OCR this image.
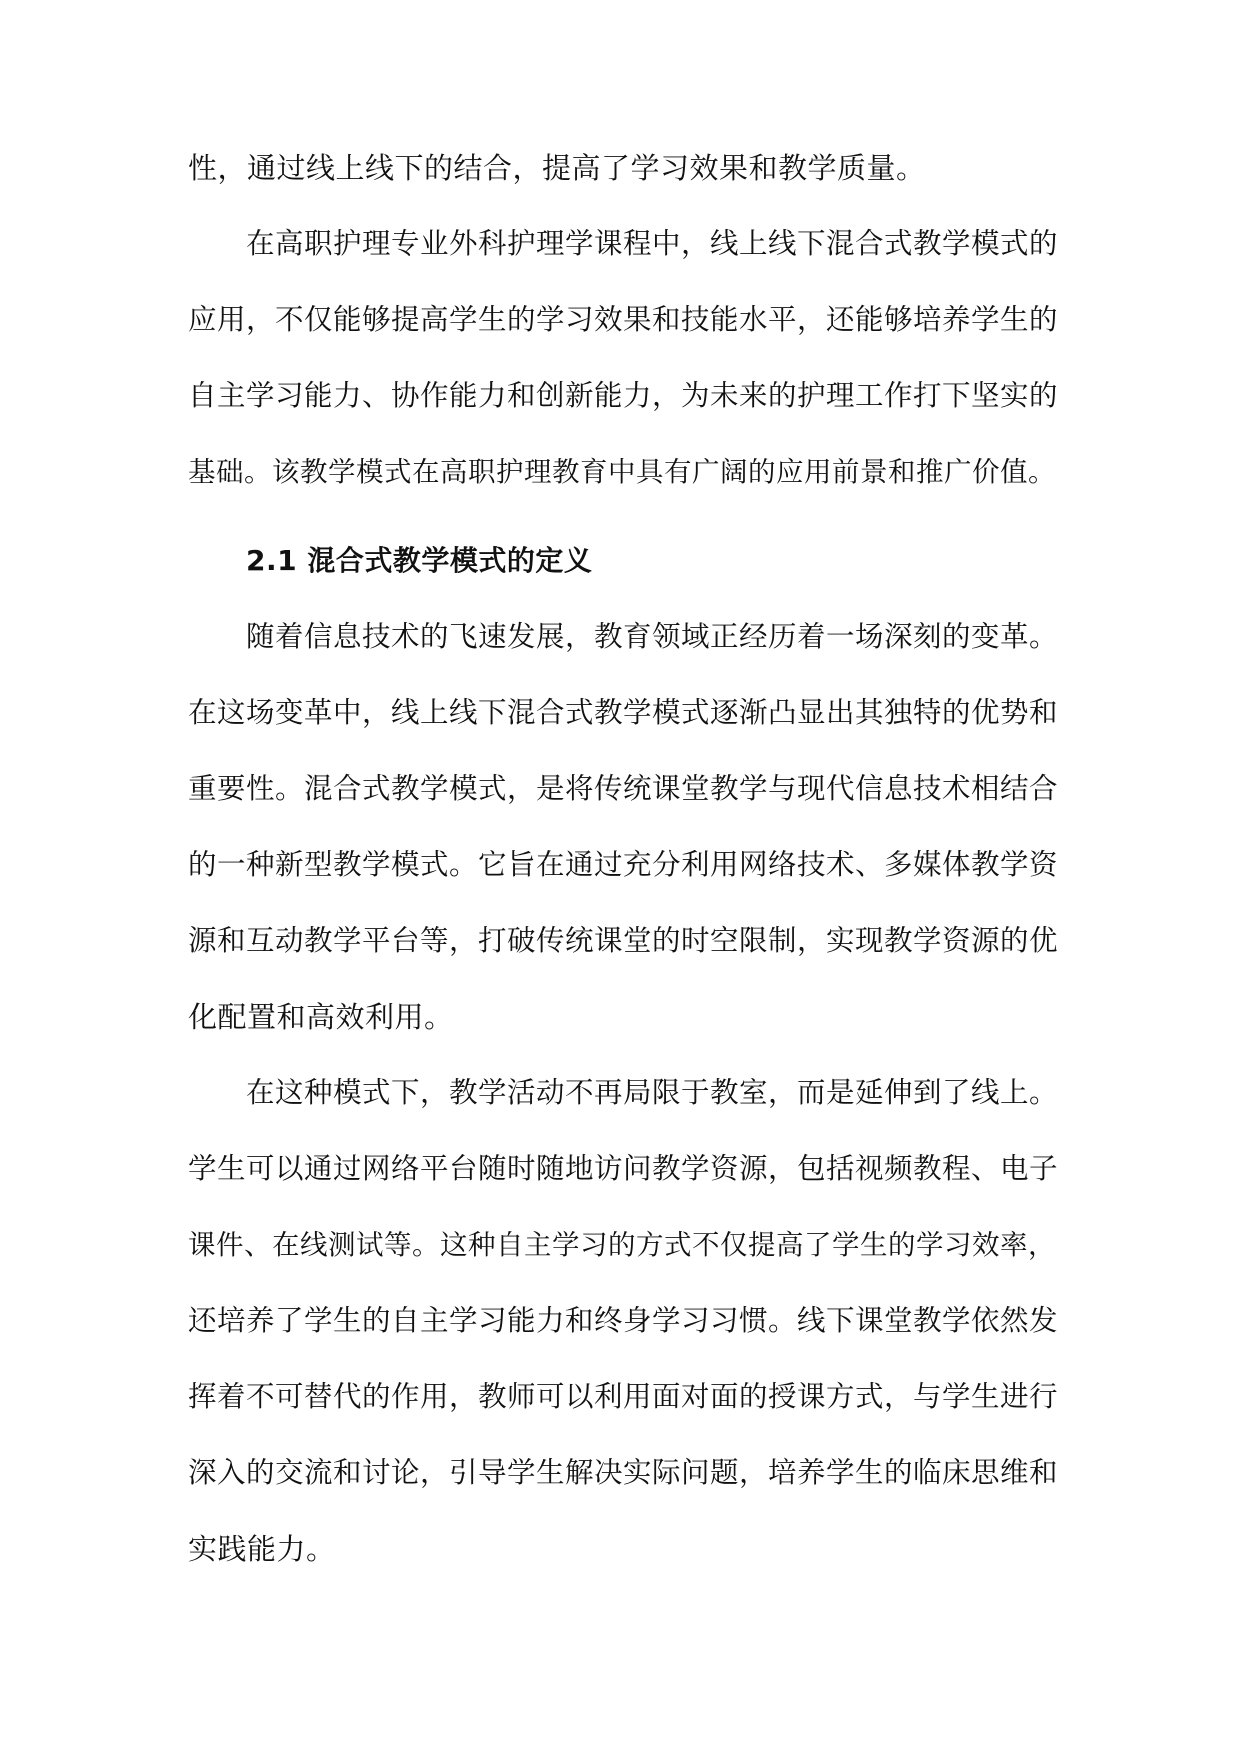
性，通过线上线下的结合，提高了学习效果和教学质量。
在高职护理专业外科护理学课程中，线上线下混合式教学模式的
应用，不仅能够提高学生的学习效果和技能水平，还能够培养学生的
自主学习能力、协作能力和创新能力，为未来的护理工作打下坚实的
基础。该教学模式在高职护理教育中具有广阔的应用前景和推广价值。
2.1 混合式教学模式的定义
随着信息技术的飞速发展，教育领域正经历着一场深刻的变革。
在这场变革中，线上线下混合式教学模式逐渐凸显出其独特的优势和
重要性。混合式教学模式，是将传统课堂教学与现代信息技术相结合
的一种新型教学模式。它旨在通过充分利用网络技术、多媒体教学资
源和互动教学平台等，打破传统课堂的时空限制，实现教学资源的优
化配置和高效利用。
在这种模式下，教学活动不再局限于教室，而是延伸到了线上。
学生可以通过网络平台随时随地访问教学资源，包括视频教程、电子
课件、在线测试等。这种自主学习的方式不仅提高了学生的学习效率，
还培养了学生的自主学习能力和终身学习习惯。线下课堂教学依然发
挥着不可替代的作用，教师可以利用面对面的授课方式，与学生进行
深入的交流和讨论，引导学生解决实际问题，培养学生的临床思维和
实践能力。
